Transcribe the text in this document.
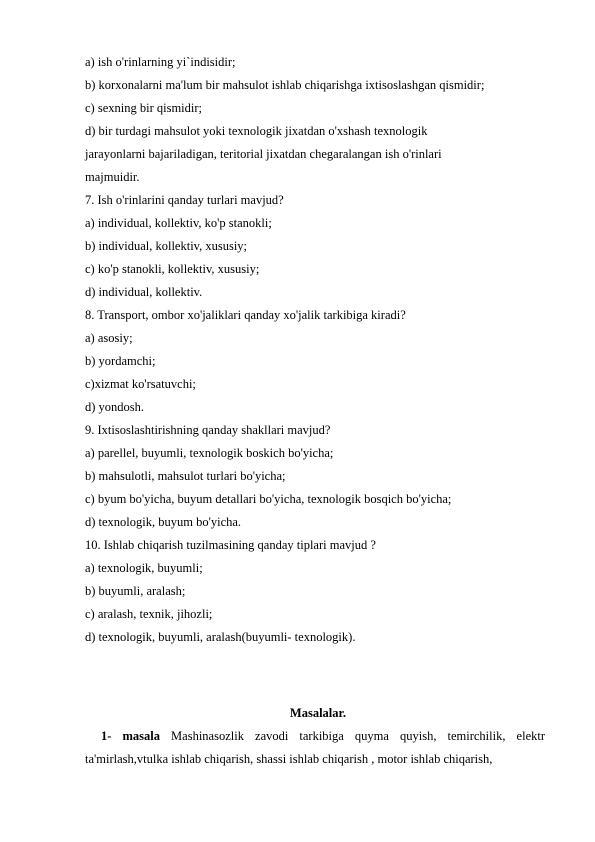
a) ish o'rinlarning yi`indisidir;
b) korxonalarni ma'lum bir mahsulot ishlab chiqarishga ixtisoslashgan qismidir;
c) sexning bir qismidir;
d) bir turdagi mahsulot yoki texnologik jixatdan o'xshash texnologik
jarayonlarni bajariladigan, teritorial jixatdan chegaralangan ish o'rinlari
majmuidir.
7. Ish o'rinlarini qanday turlari mavjud?
a) individual, kollektiv, ko'p stanokli;
b) individual, kollektiv, xususiy;
c) ko'p stanokli, kollektiv, xususiy;
d) individual, kollektiv.
8. Transport, ombor xo'jaliklari qanday xo'jalik tarkibiga kiradi?
a) asosiy;
b) yordamchi;
c)xizmat ko'rsatuvchi;
d) yondosh.
9. Ixtisoslashtirishning qanday shakllari mavjud?
a) parellel, buyumli, texnologik boskich bo'yicha;
b) mahsulotli, mahsulot turlari bo'yicha;
c) byum bo'yicha, buyum detallari bo'yicha, texnologik bosqich bo'yicha;
d) texnologik, buyum bo'yicha.
10. Ishlab chiqarish tuzilmasining qanday tiplari mavjud ?
a) texnologik, buyumli;
b) buyumli, aralash;
c) aralash, texnik, jihozli;
d) texnologik, buyumli, aralash(buyumli- texnologik).
Masalalar.
1- masala Mashinasozlik zavodi tarkibiga quyma quyish, temirchilik, elektr
ta'mirlash,vtulka ishlab chiqarish, shassi ishlab chiqarish , motor ishlab chiqarish,
